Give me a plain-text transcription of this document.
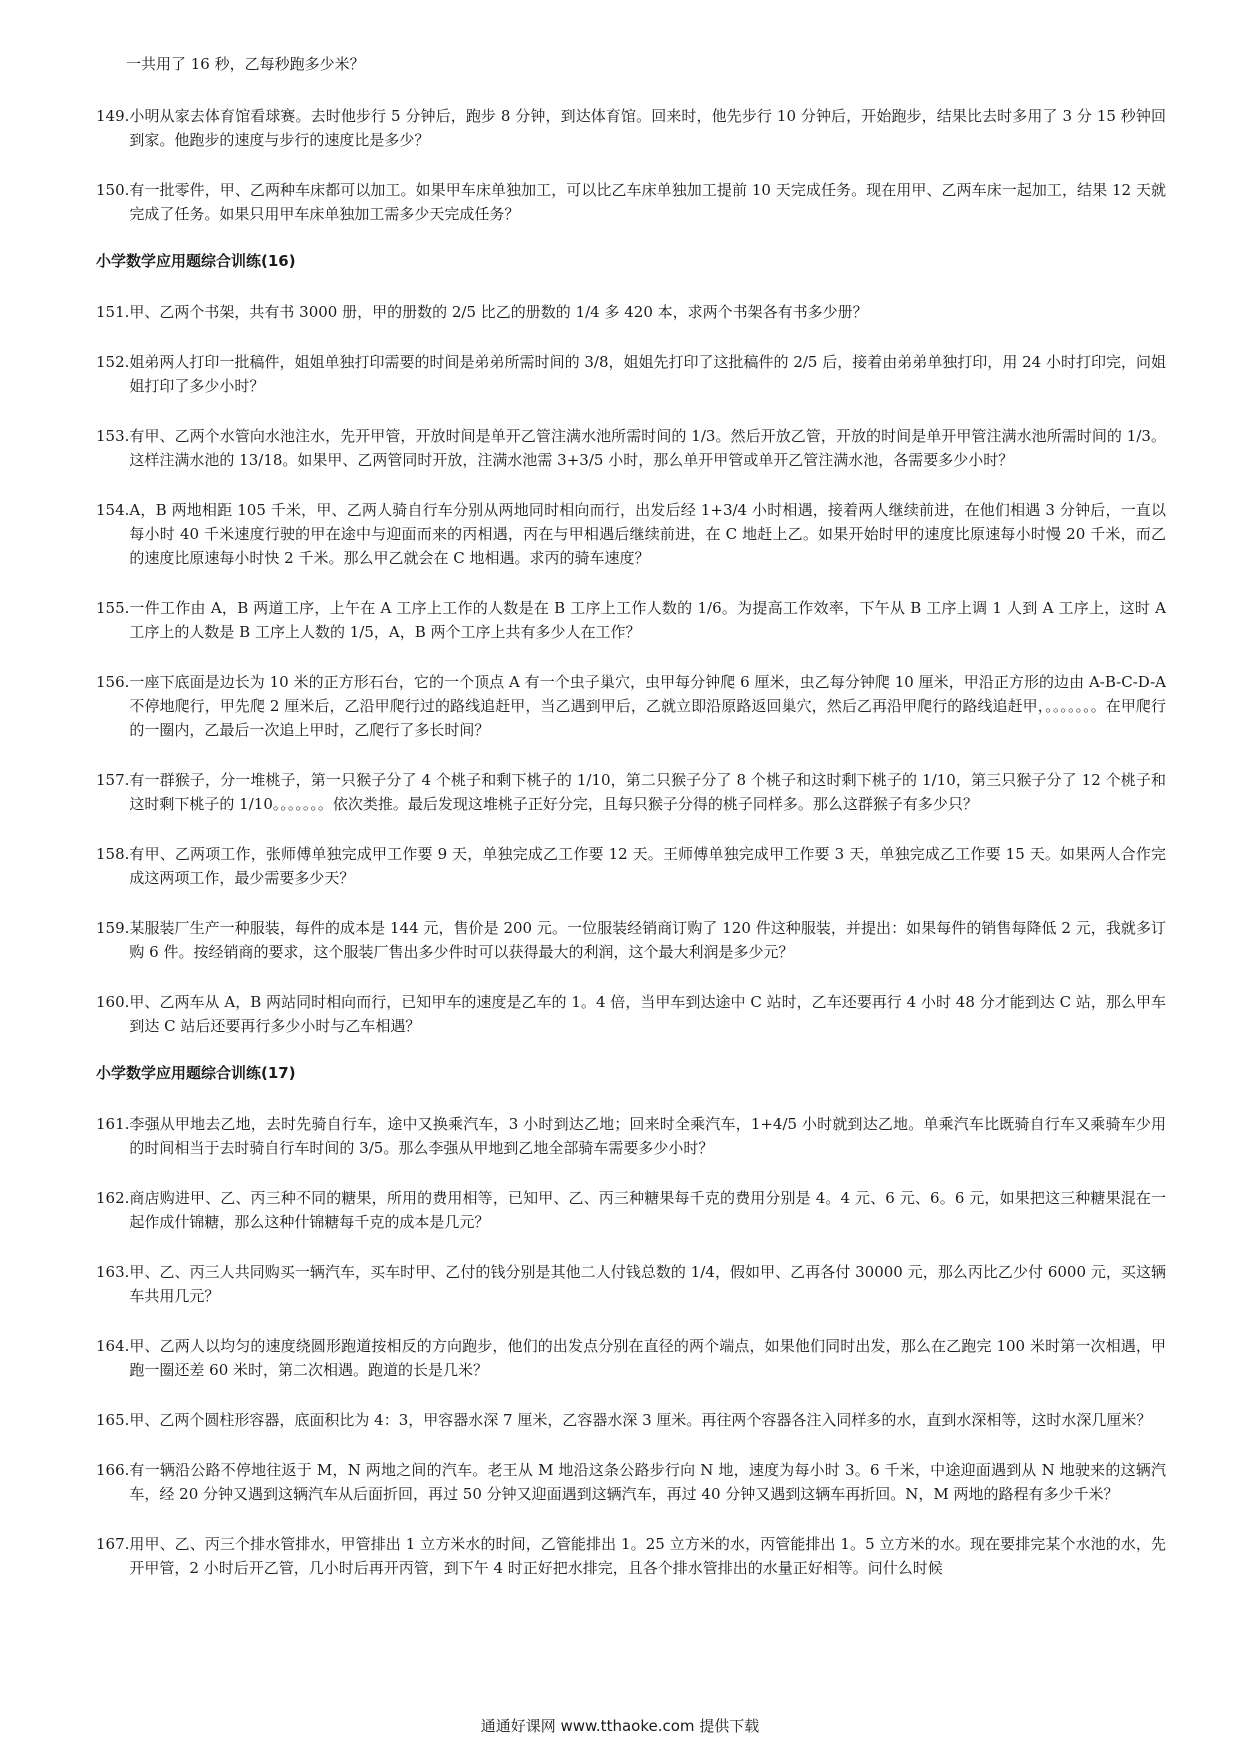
一共用了 16 秒，乙每秒跑多少米？
149. 小明从家去体育馆看球赛。去时他步行 5 分钟后，跑步 8 分钟，到达体育馆。回来时，他先步行 10 分钟后，开始跑步，结果比去时多用了 3 分 15 秒钟回到家。他跑步的速度与步行的速度比是多少？
150. 有一批零件，甲、乙两种车床都可以加工。如果甲车床单独加工，可以比乙车床单独加工提前 10 天完成任务。现在用甲、乙两车床一起加工，结果 12 天就完成了任务。如果只用甲车床单独加工需多少天完成任务？
小学数学应用题综合训练(16)
151. 甲、乙两个书架，共有书 3000 册，甲的册数的 2/5 比乙的册数的 1/4 多 420 本，求两个书架各有书多少册？
152. 姐弟两人打印一批稿件，姐姐单独打印需要的时间是弟弟所需时间的 3/8，姐姐先打印了这批稿件的 2/5 后，接着由弟弟单独打印，用 24 小时打印完，问姐姐打印了多少小时？
153. 有甲、乙两个水管向水池注水，先开甲管，开放时间是单开乙管注满水池所需时间的 1/3。然后开放乙管，开放的时间是单开甲管注满水池所需时间的 1/3。这样注满水池的 13/18。如果甲、乙两管同时开放，注满水池需 3+3/5 小时，那么单开甲管或单开乙管注满水池，各需要多少小时？
154. A，B 两地相距 105 千米，甲、乙两人骑自行车分别从两地同时相向而行，出发后经 1+3/4 小时相遇，接着两人继续前进，在他们相遇 3 分钟后，一直以每小时 40 千米速度行驶的甲在途中与迎面而来的丙相遇，丙在与甲相遇后继续前进，在 C 地赶上乙。如果开始时甲的速度比原速每小时慢 20 千米，而乙的速度比原速每小时快 2 千米。那么甲乙就会在 C 地相遇。求丙的骑车速度？
155. 一件工作由 A，B 两道工序，上午在 A 工序上工作的人数是在 B 工序上工作人数的 1/6。为提高工作效率，下午从 B 工序上调 1 人到 A 工序上，这时 A 工序上的人数是 B 工序上人数的 1/5，A，B 两个工序上共有多少人在工作？
156. 一座下底面是边长为 10 米的正方形石台，它的一个顶点 A 有一个虫子巢穴，虫甲每分钟爬 6 厘米，虫乙每分钟爬 10 厘米，甲沿正方形的边由 A-B-C-D-A 不停地爬行，甲先爬 2 厘米后，乙沿甲爬行过的路线追赶甲，当乙遇到甲后，乙就立即沿原路返回巢穴，然后乙再沿甲爬行的路线追赶甲，。。。。。。。在甲爬行的一圈内，乙最后一次追上甲时，乙爬行了多长时间？
157. 有一群猴子，分一堆桃子，第一只猴子分了 4 个桃子和剩下桃子的 1/10，第二只猴子分了 8 个桃子和这时剩下桃子的 1/10，第三只猴子分了 12 个桃子和这时剩下桃子的 1/10。。。。。。。依次类推。最后发现这堆桃子正好分完，且每只猴子分得的桃子同样多。那么这群猴子有多少只？
158. 有甲、乙两项工作，张师傅单独完成甲工作要 9 天，单独完成乙工作要 12 天。王师傅单独完成甲工作要 3 天，单独完成乙工作要 15 天。如果两人合作完成这两项工作，最少需要多少天？
159. 某服装厂生产一种服装，每件的成本是 144 元，售价是 200 元。一位服装经销商订购了 120 件这种服装，并提出：如果每件的销售每降低 2 元，我就多订购 6 件。按经销商的要求，这个服装厂售出多少件时可以获得最大的利润，这个最大利润是多少元？
160. 甲、乙两车从 A，B 两站同时相向而行，已知甲车的速度是乙车的 1。4 倍，当甲车到达途中 C 站时，乙车还要再行 4 小时 48 分才能到达 C 站，那么甲车到达 C 站后还要再行多少小时与乙车相遇？
小学数学应用题综合训练(17)
161. 李强从甲地去乙地，去时先骑自行车，途中又换乘汽车，3 小时到达乙地；回来时全乘汽车，1+4/5 小时就到达乙地。单乘汽车比既骑自行车又乘骑车少用的时间相当于去时骑自行车时间的 3/5。那么李强从甲地到乙地全部骑车需要多少小时？
162. 商店购进甲、乙、丙三种不同的糖果，所用的费用相等，已知甲、乙、丙三种糖果每千克的费用分别是 4。4 元、6 元、6。6 元，如果把这三种糖果混在一起作成什锦糖，那么这种什锦糖每千克的成本是几元？
163. 甲、乙、丙三人共同购买一辆汽车，买车时甲、乙付的钱分别是其他二人付钱总数的 1/4，假如甲、乙再各付 30000 元，那么丙比乙少付 6000 元，买这辆车共用几元？
164. 甲、乙两人以均匀的速度绕圆形跑道按相反的方向跑步，他们的出发点分别在直径的两个端点，如果他们同时出发，那么在乙跑完 100 米时第一次相遇，甲跑一圈还差 60 米时，第二次相遇。跑道的长是几米？
165. 甲、乙两个圆柱形容器，底面积比为 4：3，甲容器水深 7 厘米，乙容器水深 3 厘米。再往两个容器各注入同样多的水，直到水深相等，这时水深几厘米？
166. 有一辆沿公路不停地往返于 M，N 两地之间的汽车。老王从 M 地沿这条公路步行向 N 地，速度为每小时 3。6 千米，中途迎面遇到从 N 地驶来的这辆汽车，经 20 分钟又遇到这辆汽车从后面折回，再过 50 分钟又迎面遇到这辆汽车，再过 40 分钟又遇到这辆车再折回。N，M 两地的路程有多少千米？
167. 用甲、乙、丙三个排水管排水，甲管排出 1 立方米水的时间，乙管能排出 1。25 立方米的水，丙管能排出 1。5 立方米的水。现在要排完某个水池的水，先开甲管，2 小时后开乙管，几小时后再开丙管，到下午 4 时正好把水排完，且各个排水管排出的水量正好相等。问什么时候
通通好课网 www.tthaoke.com 提供下载
